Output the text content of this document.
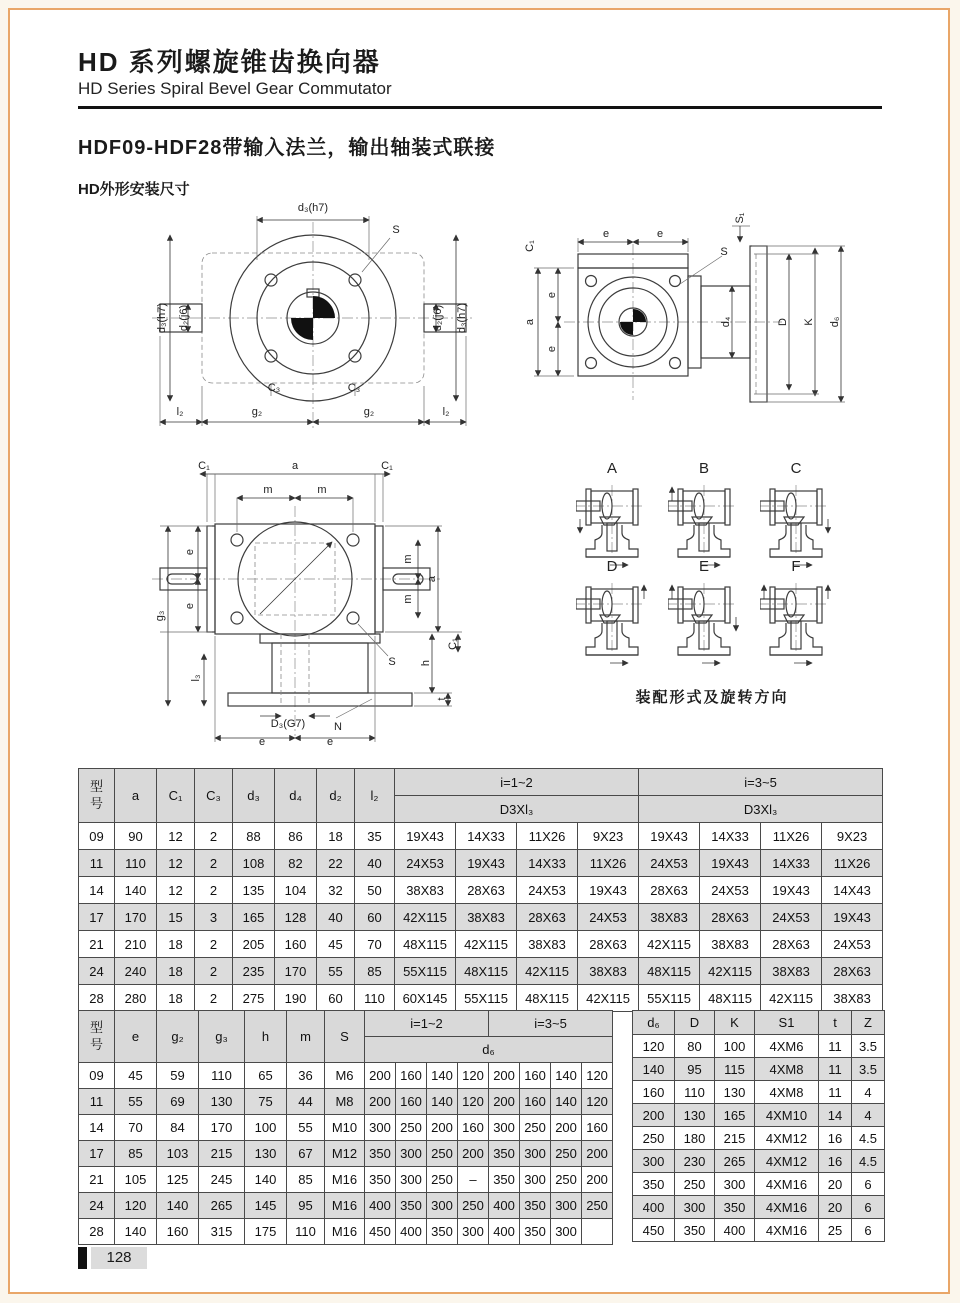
HD 系列螺旋锥齿换向器
HD Series Spiral Bevel Gear Commutator
HDF09-HDF28带输入法兰，输出轴装式联接
HD外形安装尺寸
d₃(h7)
S
d₃(h7) d₂(j6)	d₂(j6) d₃(h7)
C₃	C₃
l₂	g₂	g₂	l₂
C₁
e	e
S₁
S
a
e
e
d₄	D K d₆
C₁	a	C₁
m	m
e
e
g₃
l₃
m
a
m
C₁
h
t
S
D₃(G7)	N
e	e
A	B	C
D	E	F
装配形式及旋转方向
型号	a	C₁	C₃	d₃	d₄	d₂	l₂	i=1~2				i=3~5			
								D3Xl₃				D3Xl₃			
09	90	12	2	88	86	18	35	19X43	14X33	11X26	9X23	19X43	14X33	11X26	9X23
11	110	12	2	108	82	22	40	24X53	19X43	14X33	11X26	24X53	19X43	14X33	11X26
14	140	12	2	135	104	32	50	38X83	28X63	24X53	19X43	28X63	24X53	19X43	14X43
17	170	15	3	165	128	40	60	42X115	38X83	28X63	24X53	38X83	28X63	24X53	19X43
21	210	18	2	205	160	45	70	48X115	42X115	38X83	28X63	42X115	38X83	28X63	24X53
24	240	18	2	235	170	55	85	55X115	48X115	42X115	38X83	48X115	42X115	38X83	28X63
28	280	18	2	275	190	60	110	60X145	55X115	48X115	42X115	55X115	48X115	42X115	38X83
型号	e	g₂	g₃	h	m	S	i=1~2				i=3~5			
							d₆							
09	45	59	110	65	36	M6	200	160	140	120	200	160	140	120
11	55	69	130	75	44	M8	200	160	140	120	200	160	140	120
14	70	84	170	100	55	M10	300	250	200	160	300	250	200	160
17	85	103	215	130	67	M12	350	300	250	200	350	300	250	200
21	105	125	245	140	85	M16	350	300	250	–	350	300	250	200
24	120	140	265	145	95	M16	400	350	300	250	400	350	300	250
28	140	160	315	175	110	M16	450	400	350	300	400	350	300	
d₆	D	K	S1	t	Z
120	80	100	4XM6	11	3.5
140	95	115	4XM8	11	3.5
160	110	130	4XM8	11	4
200	130	165	4XM10	14	4
250	180	215	4XM12	16	4.5
300	230	265	4XM12	16	4.5
350	250	300	4XM16	20	6
400	300	350	4XM16	20	6
450	350	400	4XM16	25	6
128
